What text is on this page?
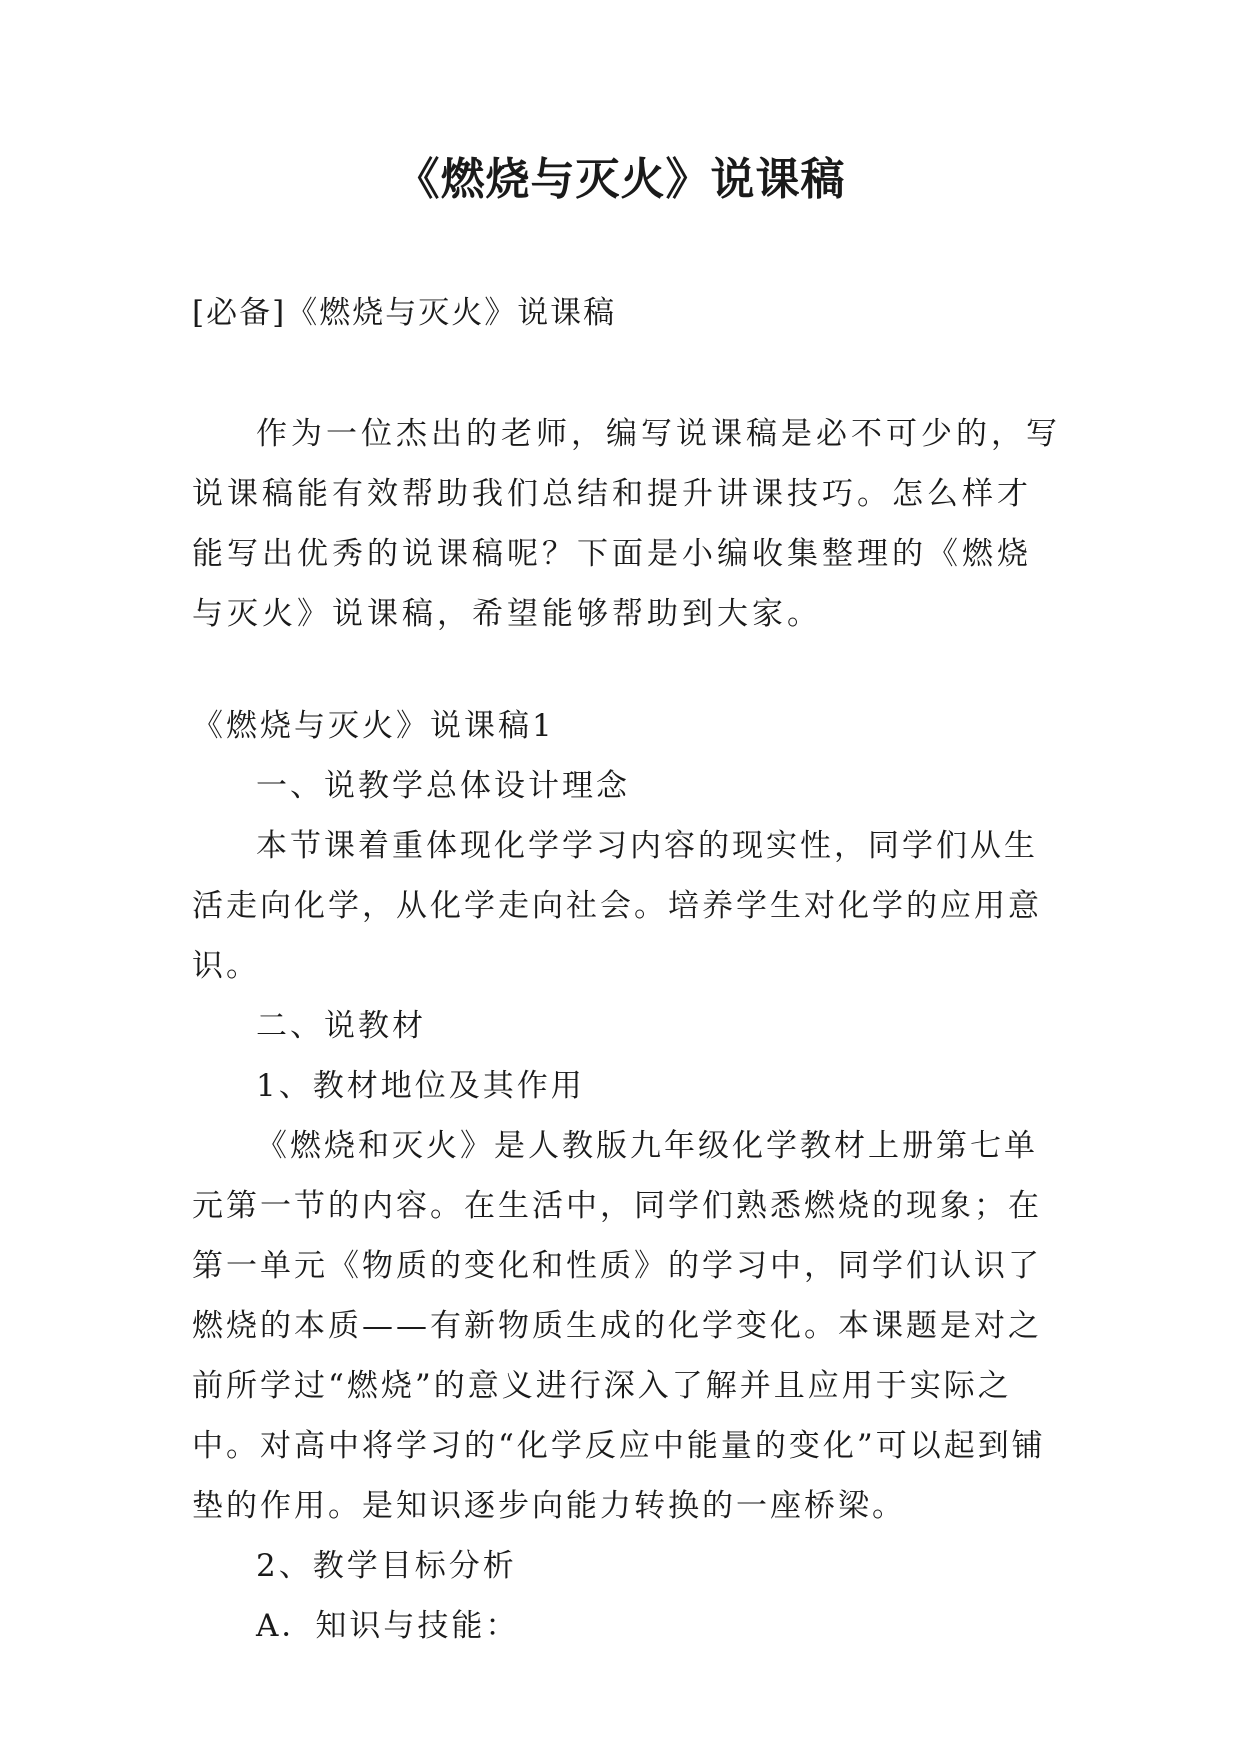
《燃烧与灭火》说课稿
[必备]《燃烧与灭火》说课稿

作为一位杰出的老师，编写说课稿是必不可少的，写说课稿能有效帮助我们总结和提升讲课技巧。怎么样才能写出优秀的说课稿呢？下面是小编收集整理的《燃烧与灭火》说课稿，希望能够帮助到大家。

《燃烧与灭火》说课稿1

一、说教学总体设计理念

本节课着重体现化学学习内容的现实性，同学们从生活走向化学，从化学走向社会。培养学生对化学的应用意识。

二、说教材

1、教材地位及其作用

《燃烧和灭火》是人教版九年级化学教材上册第七单元第一节的内容。在生活中，同学们熟悉燃烧的现象；在第一单元《物质的变化和性质》的学习中，同学们认识了燃烧的本质——有新物质生成的化学变化。本课题是对之前所学过“燃烧”的意义进行深入了解并且应用于实际之中。对高中将学习的“化学反应中能量的变化”可以起到铺垫的作用。是知识逐步向能力转换的一座桥梁。

2、教学目标分析

A．知识与技能：
